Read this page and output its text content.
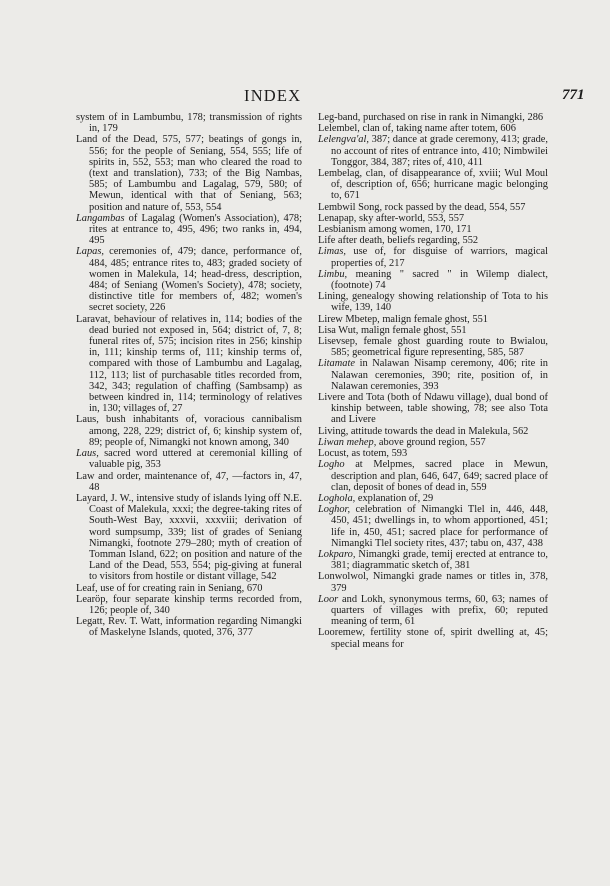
INDEX	771

system of in Lambumbu, 178; transmission of rights in, 179

Land of the Dead, 575, 577; beatings of gongs in, 556; for the people of Seniang, 554, 555; life of spirits in, 552, 553; man who cleared the road to (text and translation), 733; of the Big Nambas, 585; of Lambumbu and Lagalag, 579, 580; of Mewun, identical with that of Seniang, 563; position and nature of, 553, 554

Langambas of Lagalag (Women's Association), 478; rites at entrance to, 495, 496; two ranks in, 494, 495

Lapas, ceremonies of, 479; dance, performance of, 484, 485; entrance rites to, 483; graded society of women in Malekula, 14; head-dress, description, 484; of Seniang (Women's Society), 478; society, distinctive title for members of, 482; women's secret society, 226

Laravat, behaviour of relatives in, 114; bodies of the dead buried not exposed in, 564; district of, 7, 8; funeral rites of, 575; incision rites in 256; kinship in, 111; kinship terms of, 111; kinship terms of, compared with those of Lambumbu and Lagalag, 112, 113; list of purchasable titles recorded from, 342, 343; regulation of chaffing (Sambsamp) as between kindred in, 114; terminology of relatives in, 130; villages of, 27

Laus, bush inhabitants of, voracious cannibalism among, 228, 229; district of, 6; kinship system of, 89; people of, Nimangki not known among, 340

Laus, sacred word uttered at ceremonial killing of valuable pig, 353

Law and order, maintenance of, 47, —factors in, 47, 48

Layard, J. W., intensive study of islands lying off N.E. Coast of Malekula, xxxi; the degree-taking rites of South-West Bay, xxxvii, xxxviii; derivation of word sumpsump, 339; list of grades of Seniang Nimangki, footnote 279–280; myth of creation of Tomman Island, 622; on position and nature of the Land of the Dead, 553, 554; pig-giving at funeral to visitors from hostile or distant village, 542

Leaf, use of for creating rain in Seniang, 670

Learöp, four separate kinship terms recorded from, 126; people of, 340

Legatt, Rev. T. Watt, information regarding Nimangki of Maskelyne Islands, quoted, 376, 377

Leg-band, purchased on rise in rank in Nimangki, 286

Lelembel, clan of, taking name after totem, 606

Lelengva'al, 387; dance at grade ceremony, 413; grade, no account of rites of entrance into, 410; Nimbwilei Tonggor, 384, 387; rites of, 410, 411

Lembelag, clan, of disappearance of, xviii; Wul Moul of, description of, 656; hurricane magic belonging to, 671

Lembwil Song, rock passed by the dead, 554, 557

Lenapap, sky after-world, 553, 557

Lesbianism among women, 170, 171

Life after death, beliefs regarding, 552

Limas, use of, for disguise of warriors, magical properties of, 217

Limbu, meaning " sacred " in Wilemp dialect, (footnote) 74

Lining, genealogy showing relationship of Tota to his wife, 139, 140

Lirew Mbetep, malign female ghost, 551

Lisa Wut, malign female ghost, 551

Lisevsep, female ghost guarding route to Bwialou, 585; geometrical figure representing, 585, 587

Litamate in Nalawan Nisamp ceremony, 406; rite in Nalawan ceremonies, 390; rite, position of, in Nalawan ceremonies, 393

Livere and Tota (both of Ndawu village), dual bond of kinship between, table showing, 78; see also Tota and Livere

Living, attitude towards the dead in Malekula, 562

Liwan mehep, above ground region, 557

Locust, as totem, 593

Logho at Melpmes, sacred place in Mewun, description and plan, 646, 647, 649; sacred place of clan, deposit of bones of dead in, 559

Loghola, explanation of, 29

Loghor, celebration of Nimangki Tlel in, 446, 448, 450, 451; dwellings in, to whom apportioned, 451; life in, 450, 451; sacred place for performance of Nimangki Tlel society rites, 437; tabu on, 437, 438

Lokparo, Nimangki grade, temij erected at entrance to, 381; diagrammatic sketch of, 381

Lonwolwol, Nimangki grade names or titles in, 378, 379

Loor and Lokh, synonymous terms, 60, 63; names of quarters of villages with prefix, 60; reputed meaning of term, 61

Looremew, fertility stone of, spirit dwelling at, 45; special means for
